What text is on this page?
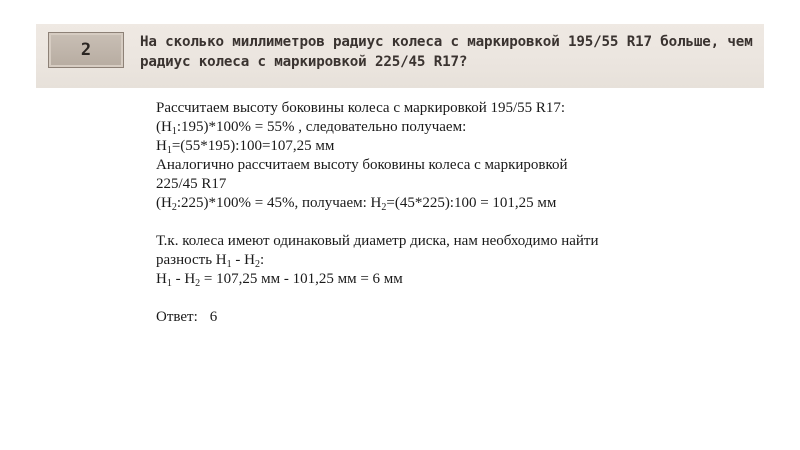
2	На сколько миллиметров радиус колеса с маркировкой 195/55 R17 больше, чем
радиус колеса с маркировкой 225/45 R17?
Рассчитаем высоту боковины колеса с маркировкой 195/55 R17:
$(H_1:195)*100\% = 55\%$ , следовательно получаем:
$H_1=(55*195):100=107,25$ мм
Аналогично рассчитаем высоту боковины колеса с маркировкой
225/45 R17
$(H_2:225)*100\% = 45\%$, получаем: $H_2=(45*225):100 = 101,25$ мм
Т.к. колеса имеют одинаковый диаметр диска, нам необходимо найти
разность $H_1 - H_2$:
$H_1 - H_2 = 107,25$ мм - 101,25 мм = 6 мм
Ответ: 6
